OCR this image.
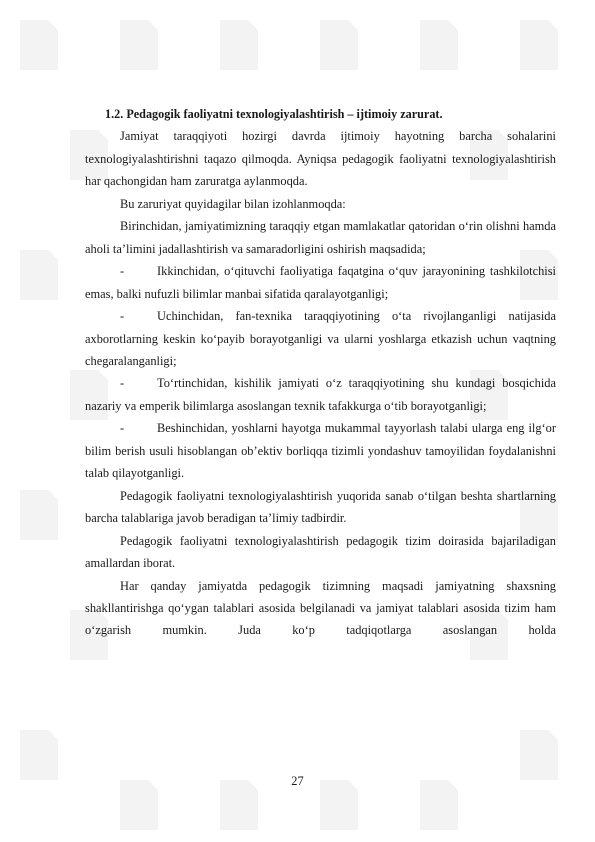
1.2. Pedagogik faoliyatni texnologiyalashtirish – ijtimoiy zarurat.

Jamiyat taraqqiyoti hozirgi davrda ijtimoiy hayotning barcha sohalarini texnologiyalashtirishni taqazo qilmoqda. Ayniqsa pedagogik faoliyatni texnologiyalashtirish har qachongidan ham zaruratga aylanmoqda.

Bu zaruriyat quyidagilar bilan izohlanmoqda:

Birinchidan, jamiyatimizning taraqqiy etgan mamlakatlar qatoridan o‘rin olishni hamda aholi ta’limini jadallashtirish va samaradorligini oshirish maqsadida;

-	Ikkinchidan, o‘qituvchi faoliyatiga faqatgina o‘quv jarayonining tashkilotchisi emas, balki nufuzli bilimlar manbai sifatida qaralayotganligi;

-	Uchinchidan, fan-texnika taraqqiyotining o‘ta rivojlanganligi natijasida axborotlarning keskin ko‘payib borayotganligi va ularni yoshlarga etkazish uchun vaqtning chegaralanganligi;

-	To‘rtinchidan, kishilik jamiyati o‘z taraqqiyotining shu kundagi bosqichida nazariy va emperik bilimlarga asoslangan texnik tafakkurga o‘tib borayotganligi;

-	Beshinchidan, yoshlarni hayotga mukammal tayyorlash talabi ularga eng ilg‘or bilim berish usuli hisoblangan ob’ektiv borliqqa tizimli yondashuv tamoyilidan foydalanishni talab qilayotganligi.

Pedagogik faoliyatni texnologiyalashtirish yuqorida sanab o‘tilgan beshta shartlarning barcha talablariga javob beradigan ta’limiy tadbirdir.

Pedagogik faoliyatni texnologiyalashtirish pedagogik tizim doirasida bajariladigan amallardan iborat.

Har qanday jamiyatda pedagogik tizimning maqsadi jamiyatning shaxsning shakllantirishga qo‘ygan talablari asosida belgilanadi va jamiyat talablari asosida tizim ham o‘zgarish mumkin. Juda ko‘p tadqiqotlarga asoslangan holda

27
